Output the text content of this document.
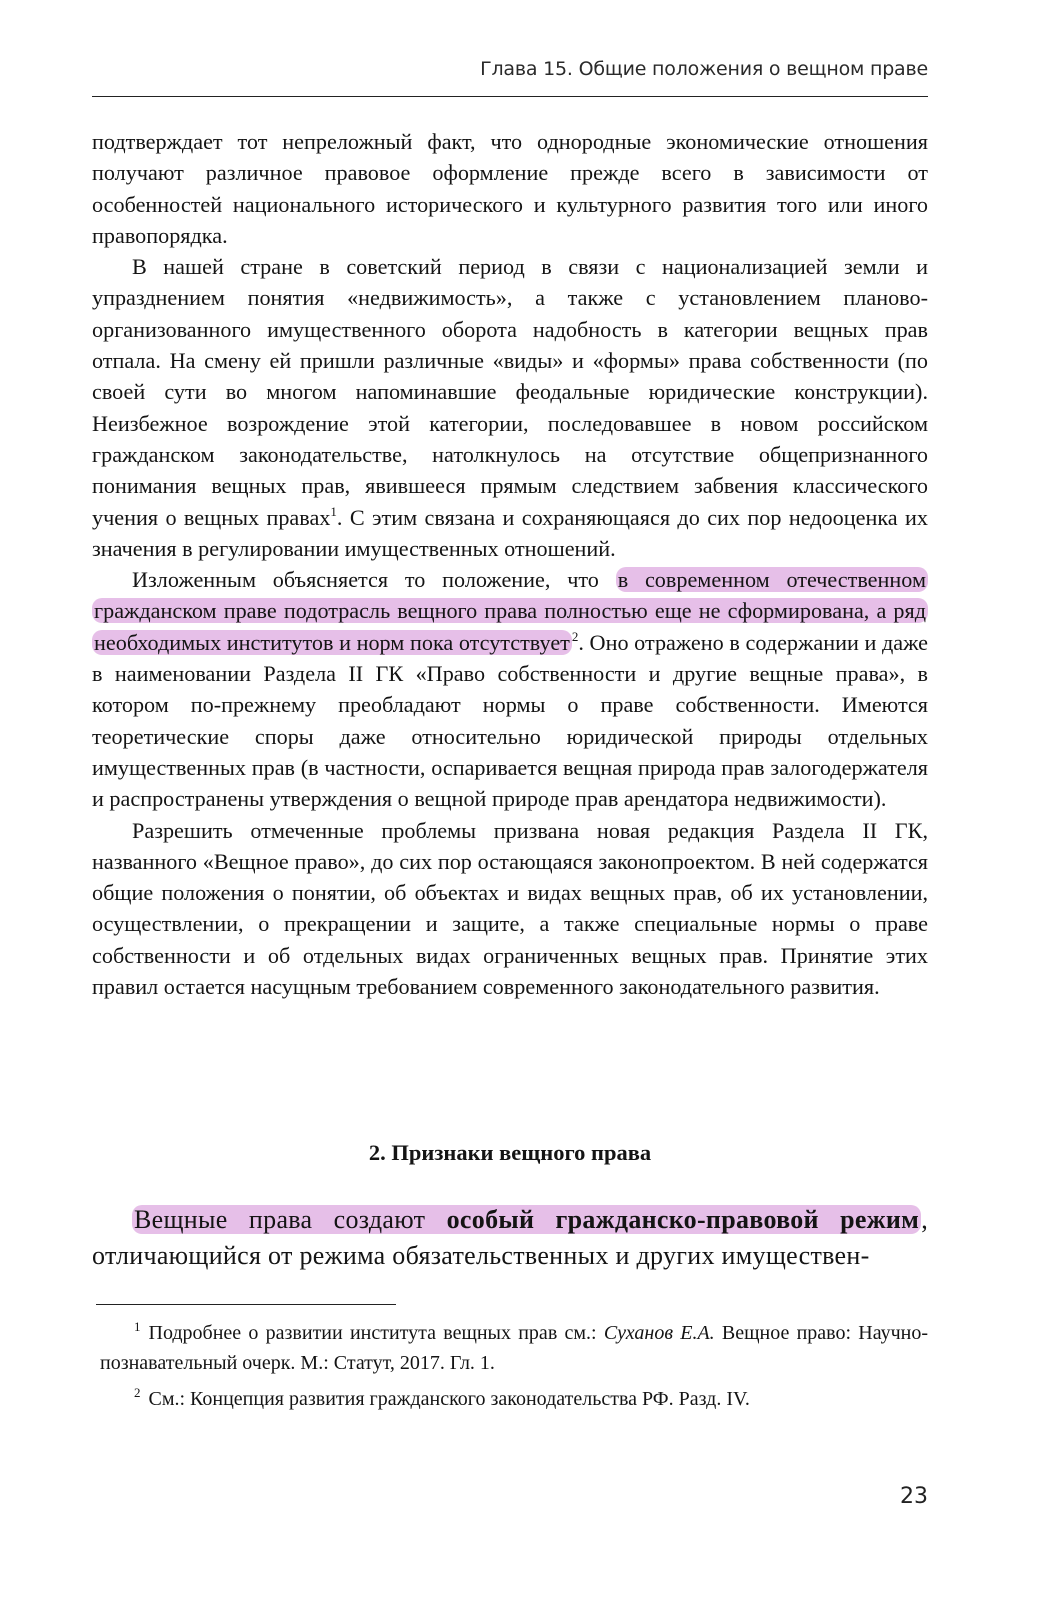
Глава 15. Общие положения о вещном праве

подтверждает тот непреложный факт, что однородные экономические отношения получают различное правовое оформление прежде всего в зависимости от особенностей национального исторического и культурного развития того или иного правопорядка.

В нашей стране в советский период в связи с национализацией земли и упразднением понятия «недвижимость», а также с установлением планово-организованного имущественного оборота надобность в категории вещных прав отпала. На смену ей пришли различные «виды» и «формы» права собственности (по своей сути во многом напоминавшие феодальные юридические конструкции). Неизбежное возрождение этой категории, последовавшее в новом российском гражданском законодательстве, натолкнулось на отсутствие общепризнанного понимания вещных прав, явившееся прямым следствием забвения классического учения о вещных правах$^1$. С этим связана и сохраняющаяся до сих пор недооценка их значения в регулировании имущественных отношений.

Изложенным объясняется то положение, что в современном отечественном гражданском праве подотрасль вещного права полностью еще не сформирована, а ряд необходимых институтов и норм пока отсутствует $^2$. Оно отражено в содержании и даже в наименовании Раздела II ГК «Право собственности и другие вещные права», в котором по-прежнему преобладают нормы о праве собственности. Имеются теоретические споры даже относительно юридической природы отдельных имущественных прав (в частности, оспаривается вещная природа прав залогодержателя и распространены утверждения о вещной природе прав арендатора недвижимости).

Разрешить отмеченные проблемы призвана новая редакция Раздела II ГК, названного «Вещное право», до сих пор остающаяся законопроектом. В ней содержатся общие положения о понятии, об объектах и видах вещных прав, об их установлении, осуществлении, о прекращении и защите, а также специальные нормы о праве собственности и об отдельных видах ограниченных вещных прав. Принятие этих правил остается насущным требованием современного законодательного развития.

2. Признаки вещного права
Вещные права создают особый гражданско-правовой режим, отличающийся от режима обязательственных и других имуществен-

$^1$ Подробнее о развитии института вещных прав см.: Суханов Е.А. Вещное право: Научно-познавательный очерк. М.: Статут, 2017. Гл. 1.

$^2$ См.: Концепция развития гражданского законодательства РФ. Разд. IV.

23
